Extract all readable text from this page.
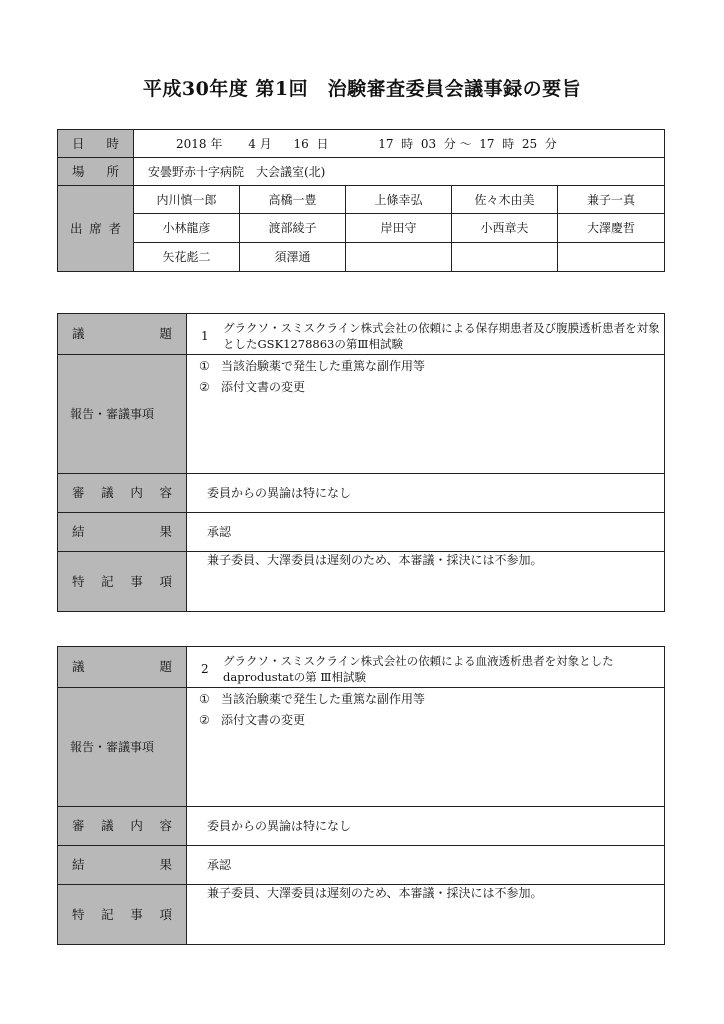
平成30年度 第1回　治験審査委員会議事録の要旨
日 時	2018 年 4 月 16 日 17 時 03 分 ～ 17 時 25 分				

場 所	安曇野赤十字病院　大会議室(北)				

出 席 者	内川慎一郎	高橋一豊	上條幸弘	佐々木由美	兼子一真
	小林龍彦	渡部綾子	岸田守	小西章夫	大澤慶哲
	矢花彪二	須澤通			
議 題	1
グラクソ・スミスクライン株式会社の依頼による保存期患者及び腹膜透析患者を対象としたGSK1278863の第Ⅲ相試験

報告・審議事項	① 当該治験薬で発生した重篤な副作用等
② 添付文書の変更

審 議 内 容	委員からの異論は特になし

結 果	承認

特 記 事 項	兼子委員、大澤委員は遅刻のため、本審議・採決には不参加。
議 題	2
グラクソ・スミスクライン株式会社の依頼による血液透析患者を対象としたdaprodustatの第 Ⅲ相試験

報告・審議事項	① 当該治験薬で発生した重篤な副作用等
② 添付文書の変更

審 議 内 容	委員からの異論は特になし

結 果	承認

特 記 事 項	兼子委員、大澤委員は遅刻のため、本審議・採決には不参加。
